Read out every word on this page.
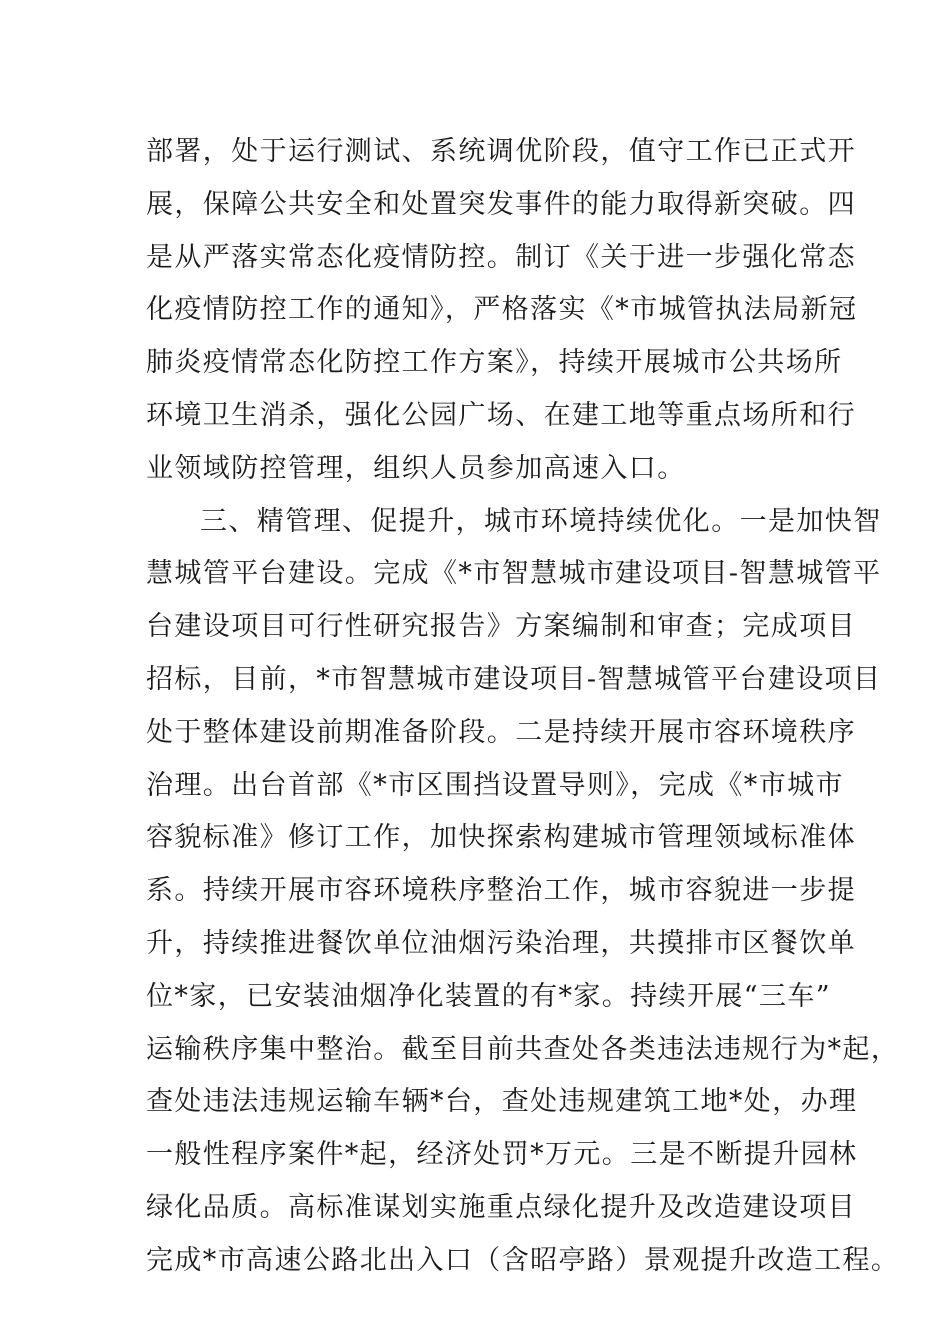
部署，处于运行测试、系统调优阶段，值守工作已正式开
展，保障公共安全和处置突发事件的能力取得新突破。四
是从严落实常态化疫情防控。制订《关于进一步强化常态
化疫情防控工作的通知》，严格落实《*市城管执法局新冠
肺炎疫情常态化防控工作方案》，持续开展城市公共场所
环境卫生消杀，强化公园广场、在建工地等重点场所和行
业领域防控管理，组织人员参加高速入口。
三、精管理、促提升，城市环境持续优化。一是加快智
慧城管平台建设。完成《*市智慧城市建设项目-智慧城管平
台建设项目可行性研究报告》方案编制和审查；完成项目
招标，目前，*市智慧城市建设项目-智慧城管平台建设项目
处于整体建设前期准备阶段。二是持续开展市容环境秩序
治理。出台首部《*市区围挡设置导则》，完成《*市城市
容貌标准》修订工作，加快探索构建城市管理领域标准体
系。持续开展市容环境秩序整治工作，城市容貌进一步提
升，持续推进餐饮单位油烟污染治理，共摸排市区餐饮单
位*家，已安装油烟净化装置的有*家。持续开展“三车”
运输秩序集中整治。截至目前共查处各类违法违规行为*起，
查处违法违规运输车辆*台，查处违规建筑工地*处，办理
一般性程序案件*起，经济处罚*万元。三是不断提升园林
绿化品质。高标准谋划实施重点绿化提升及改造建设项目
完成*市高速公路北出入口（含昭亭路）景观提升改造工程。
